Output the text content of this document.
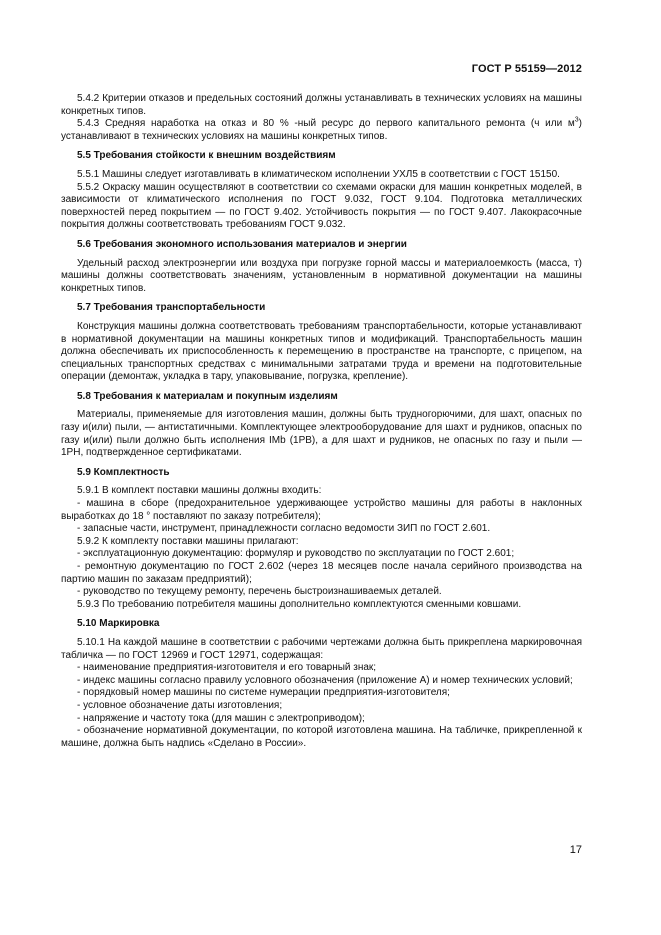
ГОСТ Р 55159—2012

5.4.2 Критерии отказов и предельных состояний должны устанавливать в технических условиях на машины конкретных типов.

5.4.3 Средняя наработка на отказ и 80 % -ный ресурс до первого капитального ремонта (ч или $м^3$) устанавливают в технических условиях на машины конкретных типов.

5.5 Требования стойкости к внешним воздействиям

5.5.1 Машины следует изготавливать в климатическом исполнении УХЛ5 в соответствии с ГОСТ 15150.

5.5.2 Окраску машин осуществляют в соответствии со схемами окраски для машин конкретных моделей, в зависимости от климатического исполнения по ГОСТ 9.032, ГОСТ 9.104. Подготовка металлических поверхностей перед покрытием — по ГОСТ 9.402. Устойчивость покрытия — по ГОСТ 9.407. Лакокрасочные покрытия должны соответствовать требованиям ГОСТ 9.032.

5.6 Требования экономного использования материалов и энергии

Удельный расход электроэнергии или воздуха при погрузке горной массы и материалоемкость (масса, т) машины должны соответствовать значениям, установленным в нормативной документации на машины конкретных типов.

5.7 Требования транспортабельности

Конструкция машины должна соответствовать требованиям транспортабельности, которые устанавливают в нормативной документации на машины конкретных типов и модификаций. Транспортабельность машин должна обеспечивать их приспособленность к перемещению в пространстве на транспорте, с прицепом, на специальных транспортных средствах с минимальными затратами труда и времени на подготовительные операции (демонтаж, укладка в тару, упаковывание, погрузка, крепление).

5.8 Требования к материалам и покупным изделиям

Материалы, применяемые для изготовления машин, должны быть трудногорючими, для шахт, опасных по газу и(или) пыли, — антистатичными. Комплектующее электрооборудование для шахт и рудников, опасных по газу и(или) пыли должно быть исполнения IMb (1PB), а для шахт и рудников, не опасных по газу и пыли — 1PH, подтвержденное сертификатами.

5.9 Комплектность

5.9.1 В комплект поставки машины должны входить:

- машина в сборе (предохранительное удерживающее устройство машины для работы в наклонных выработках до 18 ° поставляют по заказу потребителя);

- запасные части, инструмент, принадлежности согласно ведомости ЗИП по ГОСТ 2.601.

5.9.2 К комплекту поставки машины прилагают:

- эксплуатационную документацию: формуляр и руководство по эксплуатации по ГОСТ 2.601;

- ремонтную документацию по ГОСТ 2.602 (через 18 месяцев после начала серийного производства на партию машин по заказам предприятий);

- руководство по текущему ремонту, перечень быстроизнашиваемых деталей.

5.9.3 По требованию потребителя машины дополнительно комплектуются сменными ковшами.

5.10 Маркировка

5.10.1 На каждой машине в соответствии с рабочими чертежами должна быть прикреплена маркировочная табличка — по ГОСТ 12969 и ГОСТ 12971, содержащая:

- наименование предприятия-изготовителя и его товарный знак;

- индекс машины согласно правилу условного обозначения (приложение А) и номер технических условий;

- порядковый номер машины по системе нумерации предприятия-изготовителя;

- условное обозначение даты изготовления;

- напряжение и частоту тока (для машин с электроприводом);

- обозначение нормативной документации, по которой изготовлена машина. На табличке, прикрепленной к машине, должна быть надпись «Сделано в России».

17
